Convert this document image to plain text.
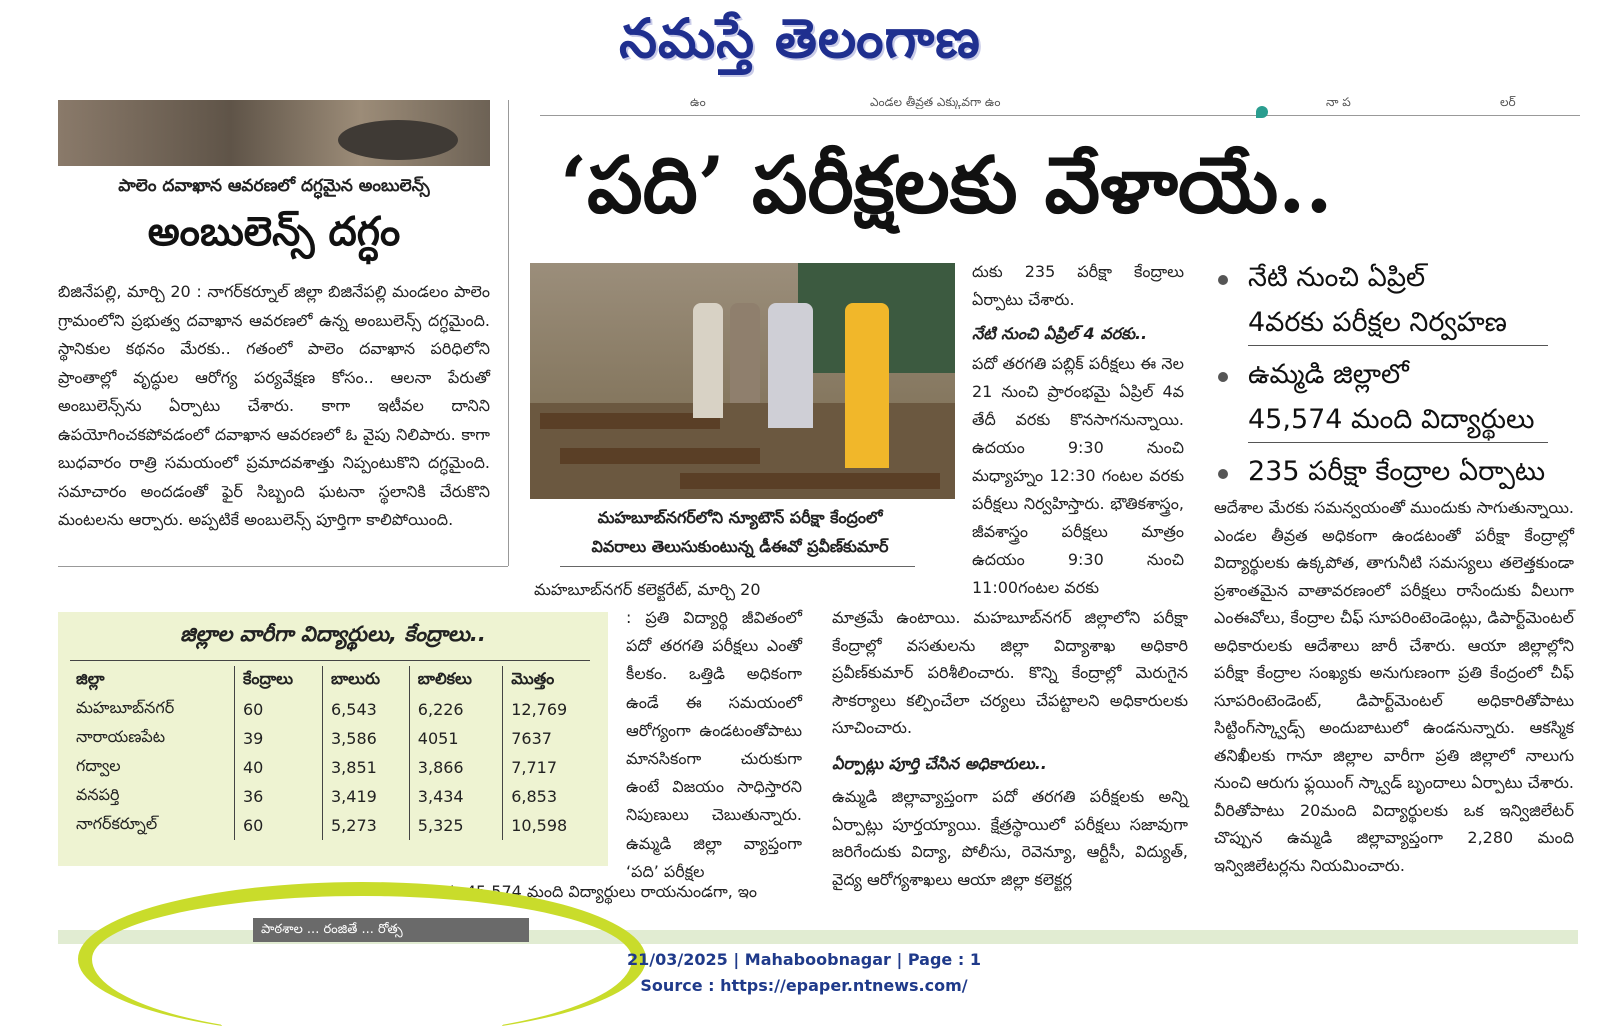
నమస్తే తెలంగాణ
ఉం	ఎండల తీవ్రత ఎక్కువగా ఉం	నా ప	లర్
పాలెం దవాఖాన ఆవరణలో దగ్ధమైన అంబులెన్స్
అంబులెన్స్ దగ్ధం
బిజినేపల్లి, మార్చి 20 : నాగర్‌కర్నూల్ జిల్లా బిజినేపల్లి మండలం పాలెం గ్రామంలోని ప్రభుత్వ దవాఖాన ఆవరణలో ఉన్న అంబులెన్స్ దగ్ధమైంది. స్థానికుల కథనం మేరకు.. గతంలో పాలెం దవాఖాన పరిధిలోని ప్రాంతాల్లో వృద్ధుల ఆరోగ్య పర్యవేక్షణ కోసం.. ఆలనా పేరుతో అంబులెన్స్‌ను ఏర్పాటు చేశారు. కాగా ఇటీవల దానిని ఉపయోగించకపోవడంలో దవాఖాన ఆవరణలో ఓ వైపు నిలిపారు. కాగా బుధవారం రాత్రి సమయంలో ప్రమాదవశాత్తు నిప్పంటుకొని దగ్ధమైంది. సమాచారం అందడంతో ఫైర్ సిబ్బంది ఘటనా స్థలానికి చేరుకొని మంటలను ఆర్పారు. అప్పటికే అంబులెన్స్ పూర్తిగా కాలిపోయింది.
‘పది’ పరీక్షలకు వేళాయే..
మహబూబ్‌నగర్‌లోని న్యూటౌన్ పరీక్షా కేంద్రంలో
వివరాలు తెలుసుకుంటున్న డీఈవో ప్రవీణ్‌కుమార్
దుకు 235 పరీక్షా కేంద్రాలు ఏర్పాటు చేశారు.
నేటి నుంచి ఏప్రిల్ 4 వరకు..
పదో తరగతి పబ్లిక్ పరీక్షలు ఈ నెల 21 నుంచి ప్రారంభమై ఏప్రిల్ 4వ తేదీ వరకు కొనసాగనున్నాయి. ఉదయం 9:30 నుంచి మధ్యాహ్నం 12:30 గంటల వరకు పరీక్షలు నిర్వహిస్తారు. భౌతికశాస్త్రం, జీవశాస్త్రం పరీక్షలు మాత్రం ఉదయం 9:30 నుంచి 11:00గంటల వరకు
నేటి నుంచి ఏప్రిల్
4వరకు పరీక్షల నిర్వహణ
ఉమ్మడి జిల్లాలో
45,574 మంది విద్యార్థులు
235 పరీక్షా కేంద్రాల ఏర్పాటు
ఆదేశాల మేరకు సమన్వయంతో ముందుకు సాగుతున్నాయి. ఎండల తీవ్రత అధికంగా ఉండటంతో పరీక్షా కేంద్రాల్లో విద్యార్థులకు ఉక్కపోత, తాగునీటి సమస్యలు తలెత్తకుండా ప్రశాంతమైన వాతావరణంలో పరీక్షలు రాసేందుకు వీలుగా ఎంఈవోలు, కేంద్రాల చీఫ్ సూపరింటెండెంట్లు, డిపార్ట్‌మెంటల్ అధికారులకు ఆదేశాలు జారీ చేశారు. ఆయా జిల్లాల్లోని పరీక్షా కేంద్రాల సంఖ్యకు అనుగుణంగా ప్రతి కేంద్రంలో చీఫ్ సూపరింటెండెంట్, డిపార్ట్‌మెంటల్ అధికారితోపాటు సిట్టింగ్‌స్క్వాడ్స్ అందుబాటులో ఉండనున్నారు. ఆకస్మిక తనిఖీలకు గానూ జిల్లాల వారీగా ప్రతి జిల్లాలో నాలుగు నుంచి ఆరుగు ఫ్లయింగ్ స్క్వాడ్ బృందాలు ఏర్పాటు చేశారు. వీరితోపాటు 20మంది విద్యార్థులకు ఒక ఇన్విజిలేటర్ చొప్పున ఉమ్మడి జిల్లావ్యాప్తంగా 2,280 మంది ఇన్విజిలేటర్లను నియమించారు.
మహబూబ్‌నగర్ కలెక్టరేట్, మార్చి 20
: ప్రతి విద్యార్థి జీవితంలో పదో తరగతి పరీక్షలు ఎంతో కీలకం. ఒత్తిడి అధికంగా ఉండే ఈ సమయంలో ఆరోగ్యంగా ఉండటంతోపాటు మానసికంగా చురుకుగా ఉంటే విజయం సాధిస్తారని నిపుణులు చెబుతున్నారు. ఉమ్మడి జిల్లా వ్యాప్తంగా ‘పది’ పరీక్షల
ను 45,574 మంది విద్యార్థులు రాయనుండగా, ఇం
మాత్రమే ఉంటాయి. మహబూబ్‌నగర్ జిల్లాలోని పరీక్షా కేంద్రాల్లో వసతులను జిల్లా విద్యాశాఖ అధికారి ప్రవీణ్‌కుమార్ పరిశీలించారు. కొన్ని కేంద్రాల్లో మెరుగైన సౌకర్యాలు కల్పించేలా చర్యలు చేపట్టాలని అధికారులకు సూచించారు.
ఏర్పాట్లు పూర్తి చేసిన అధికారులు..
ఉమ్మడి జిల్లావ్యాప్తంగా పదో తరగతి పరీక్షలకు అన్ని ఏర్పాట్లు పూర్తయ్యాయి. క్షేత్రస్థాయిలో పరీక్షలు సజావుగా జరిగేందుకు విద్యా, పోలీసు, రెవెన్యూ, ఆర్టీసీ, విద్యుత్, వైద్య ఆరోగ్యశాఖలు ఆయా జిల్లా కలెక్టర్ల
జిల్లాల వారీగా విద్యార్థులు, కేంద్రాలు..
జిల్లా	కేంద్రాలు	బాలురు	బాలికలు	మొత్తం
మహబూబ్‌నగర్	60	6,543	6,226	12,769
నారాయణపేట	39	3,586	4051	7637
గద్వాల	40	3,851	3,866	7,717
వనపర్తి	36	3,419	3,434	6,853
నాగర్‌కర్నూల్	60	5,273	5,325	10,598
పాఠశాల ... రంజితే ... రోత్స
21/03/2025 | Mahaboobnagar | Page : 1
Source : https://epaper.ntnews.com/
